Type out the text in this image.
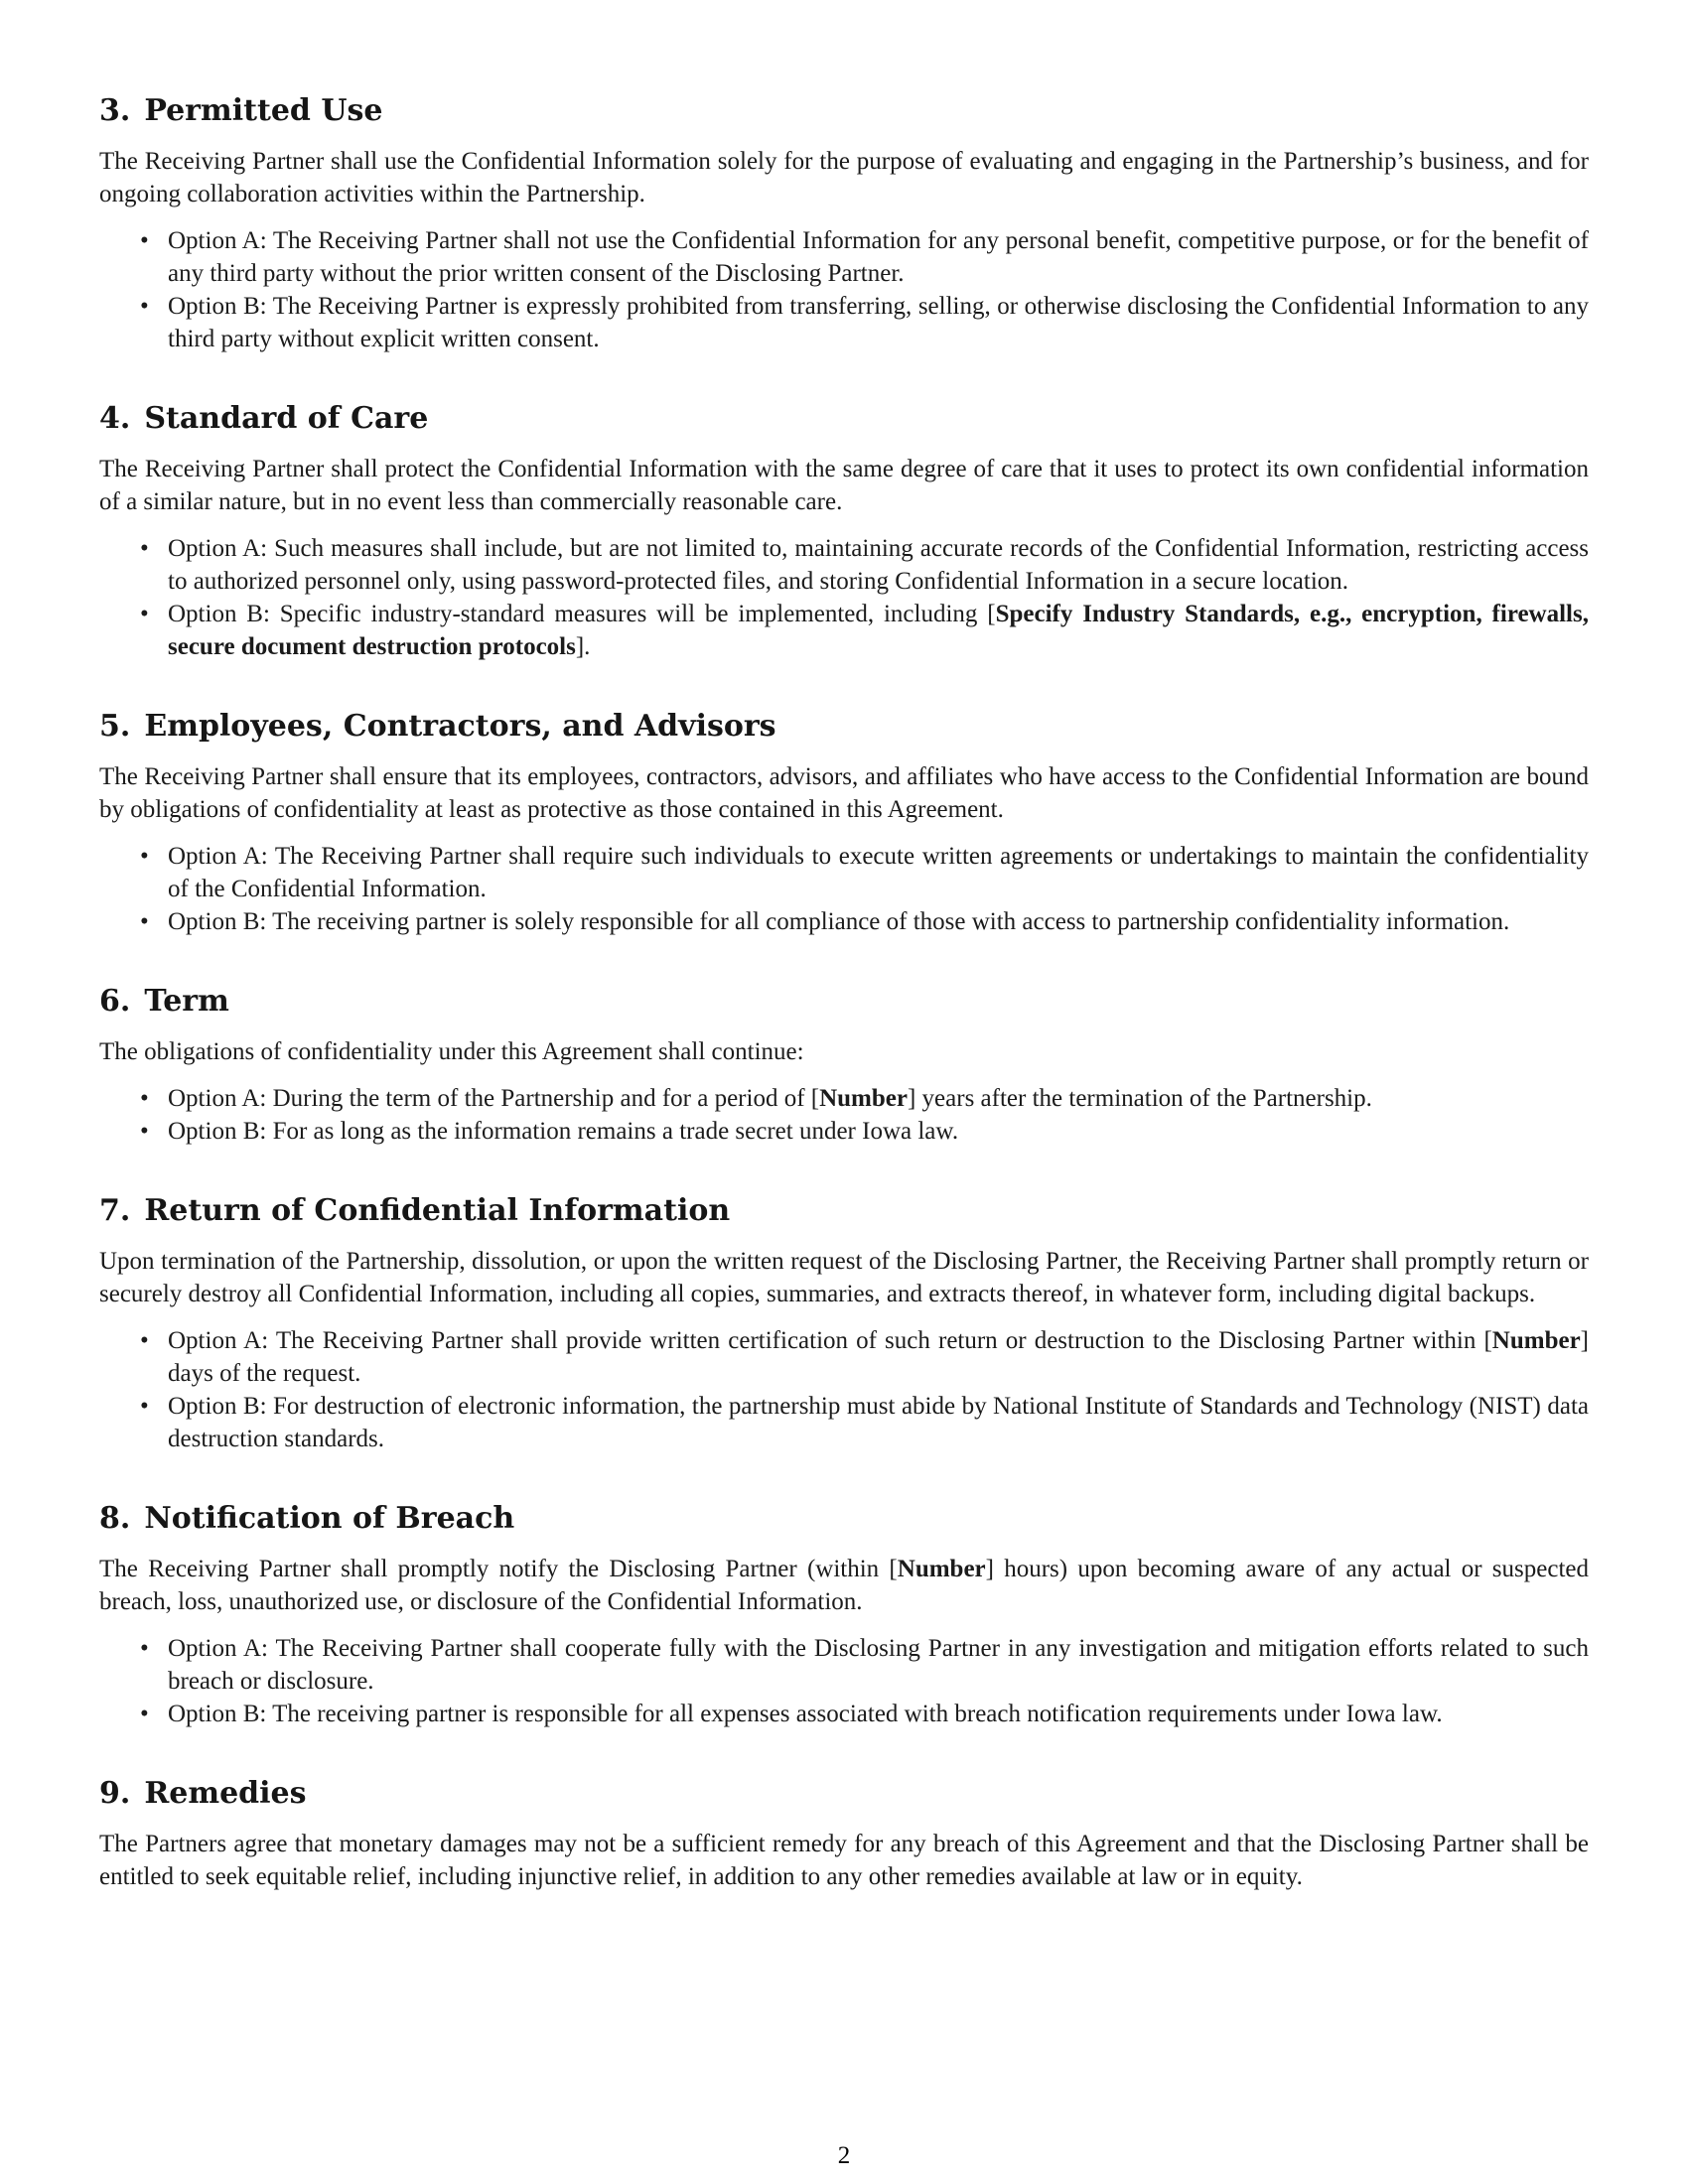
3. Permitted Use

The Receiving Partner shall use the Confidential Information solely for the purpose of evaluating and engaging in the Partnership’s business, and for ongoing collaboration activities within the Partnership.

• Option A: The Receiving Partner shall not use the Confidential Information for any personal benefit, competitive purpose, or for the benefit of any third party without the prior written consent of the Disclosing Partner.
• Option B: The Receiving Partner is expressly prohibited from transferring, selling, or otherwise disclosing the Confidential Information to any third party without explicit written consent.
4. Standard of Care

The Receiving Partner shall protect the Confidential Information with the same degree of care that it uses to protect its own confidential information of a similar nature, but in no event less than commercially reasonable care.

• Option A: Such measures shall include, but are not limited to, maintaining accurate records of the Confidential Information, restricting access to authorized personnel only, using password-protected files, and storing Confidential Information in a secure location.
• Option B: Specific industry-standard measures will be implemented, including [Specify Industry Standards, e.g., encryption, firewalls, secure document destruction protocols].
5. Employees, Contractors, and Advisors

The Receiving Partner shall ensure that its employees, contractors, advisors, and affiliates who have access to the Confidential Information are bound by obligations of confidentiality at least as protective as those contained in this Agreement.

• Option A: The Receiving Partner shall require such individuals to execute written agreements or undertakings to maintain the confidentiality of the Confidential Information.
• Option B: The receiving partner is solely responsible for all compliance of those with access to partnership confidentiality information.
6. Term

The obligations of confidentiality under this Agreement shall continue:

• Option A: During the term of the Partnership and for a period of [Number] years after the termination of the Partnership.
• Option B: For as long as the information remains a trade secret under Iowa law.
7. Return of Confidential Information

Upon termination of the Partnership, dissolution, or upon the written request of the Disclosing Partner, the Receiving Partner shall promptly return or securely destroy all Confidential Information, including all copies, summaries, and extracts thereof, in whatever form, including digital backups.

• Option A: The Receiving Partner shall provide written certification of such return or destruction to the Disclosing Partner within [Number] days of the request.
• Option B: For destruction of electronic information, the partnership must abide by National Institute of Standards and Technology (NIST) data destruction standards.
8. Notification of Breach

The Receiving Partner shall promptly notify the Disclosing Partner (within [Number] hours) upon becoming aware of any actual or suspected breach, loss, unauthorized use, or disclosure of the Confidential Information.

• Option A: The Receiving Partner shall cooperate fully with the Disclosing Partner in any investigation and mitigation efforts related to such breach or disclosure.
• Option B: The receiving partner is responsible for all expenses associated with breach notification requirements under Iowa law.
9. Remedies

The Partners agree that monetary damages may not be a sufficient remedy for any breach of this Agreement and that the Disclosing Partner shall be entitled to seek equitable relief, including injunctive relief, in addition to any other remedies available at law or in equity.

2
